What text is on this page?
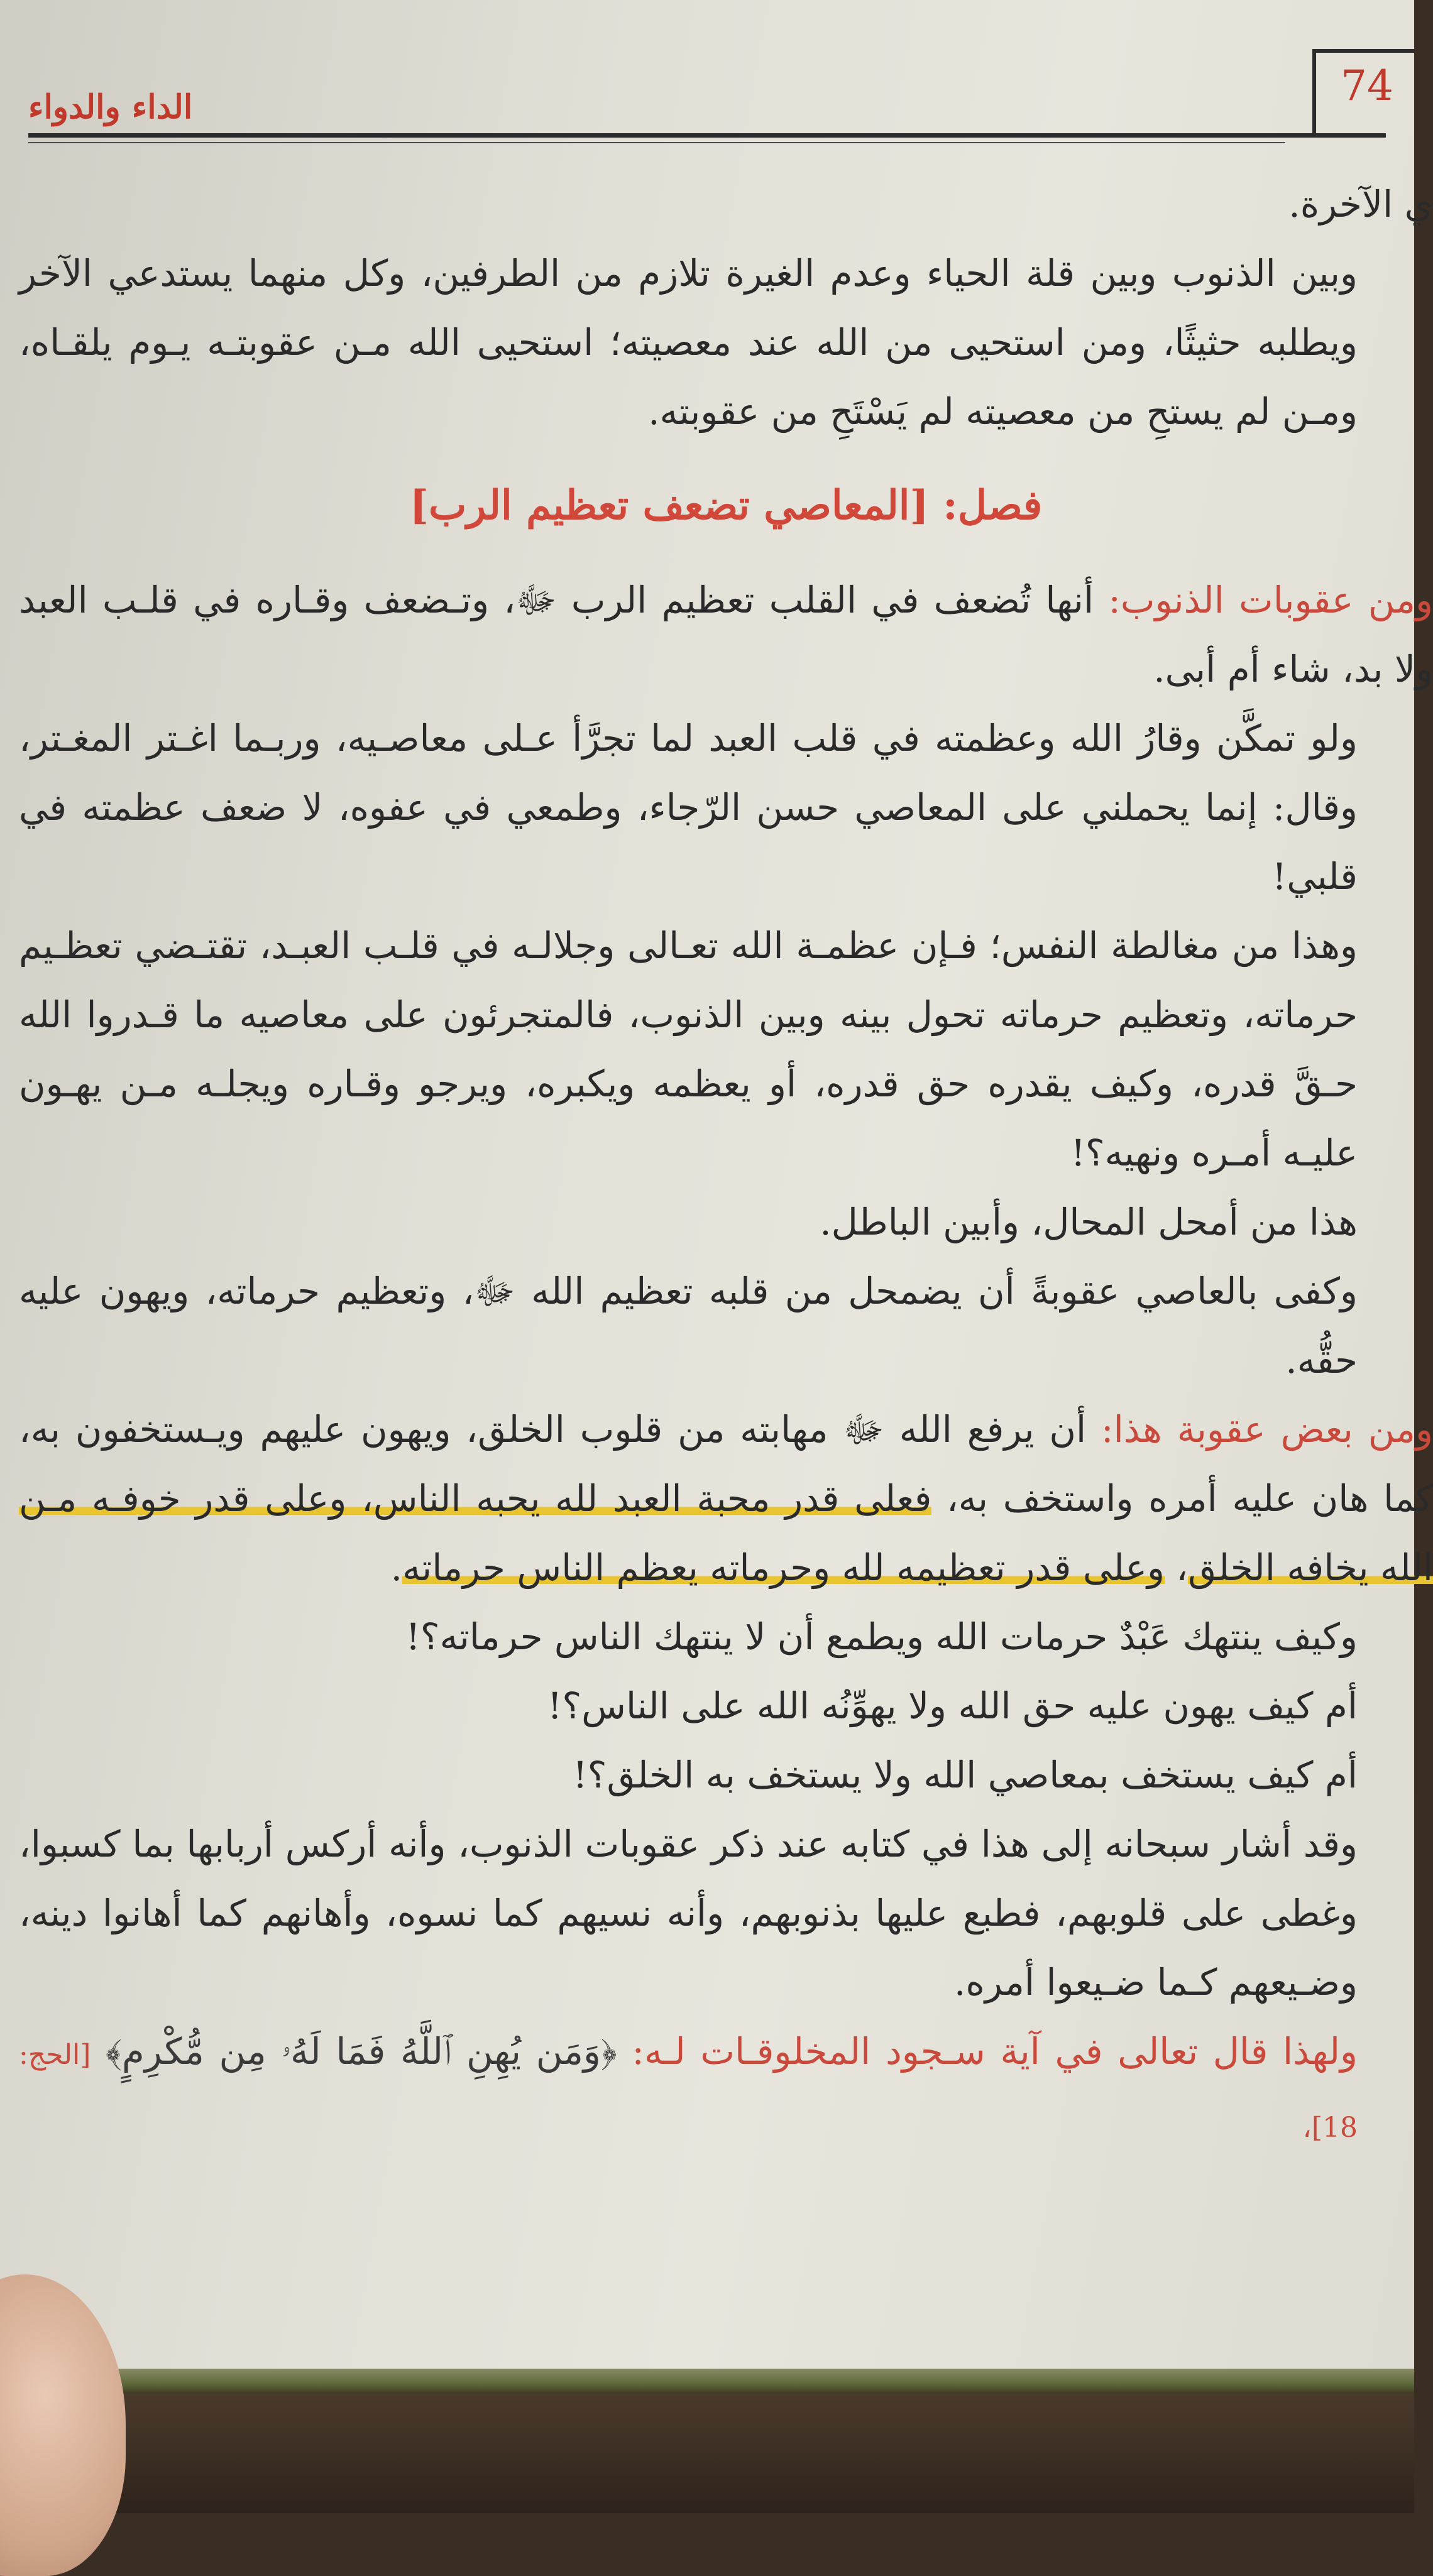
74
الداء والدواء

ي الآخرة.

وبين الذنوب وبين قلة الحياء وعدم الغيرة تلازم من الطرفين، وكل منهما يستدعي الآخر ويطلبه حثيثًا، ومن استحيى من الله عند معصيته؛ استحيى الله مـن عقوبتـه يـوم يلقـاه، ومـن لم يستحِ من معصيته لم يَسْتَحِ من عقوبته.

فصل: [المعاصي تضعف تعظيم الرب]

ومن عقوبات الذنوب: أنها تُضعف في القلب تعظيم الرب ﷻ، وتـضعف وقـاره في قلـب العبد ولا بد، شاء أم أبى.

ولو تمكَّن وقارُ الله وعظمته في قلب العبد لما تجرَّأ عـلى معاصـيه، وربـما اغـتر المغـتر، وقال: إنما يحملني على المعاصي حسن الرّجاء، وطمعي في عفوه، لا ضعف عظمته في قلبي!

وهذا من مغالطة النفس؛ فـإن عظمـة الله تعـالى وجلالـه في قلـب العبـد، تقتـضي تعظـيم حرماته، وتعظيم حرماته تحول بينه وبين الذنوب، فالمتجرئون على معاصيه ما قـدروا الله حـقَّ قدره، وكيف يقدره حق قدره، أو يعظمه ويكبره، ويرجو وقـاره ويجلـه مـن يهـون عليـه أمـره ونهيه؟!

هذا من أمحل المحال، وأبين الباطل.

وكفى بالعاصي عقوبةً أن يضمحل من قلبه تعظيم الله ﷻ، وتعظيم حرماته، ويهون عليه حقُّه.

ومن بعض عقوبة هذا: أن يرفع الله ﷻ مهابته من قلوب الخلق، ويهون عليهم ويـستخفون به، كما هان عليه أمره واستخف به، فعلى قدر محبة العبد لله يحبه الناس، وعلى قدر خوفـه مـن الله يخافه الخلق، وعلى قدر تعظيمه لله وحرماته يعظم الناس حرماته.

وكيف ينتهك عَبْدٌ حرمات الله ويطمع أن لا ينتهك الناس حرماته؟!

أم كيف يهون عليه حق الله ولا يهوِّنُه الله على الناس؟!

أم كيف يستخف بمعاصي الله ولا يستخف به الخلق؟!

وقد أشار سبحانه إلى هذا في كتابه عند ذكر عقوبات الذنوب، وأنه أركس أربابها بما كسبوا، وغطى على قلوبهم، فطبع عليها بذنوبهم، وأنه نسيهم كما نسوه، وأهانهم كما أهانوا دينه، وضـيعهم كـما ضـيعوا أمره.

ولهذا قال تعالى في آية سـجود المخلوقـات لـه: ﴿وَمَن يُهِنِ ٱللَّهُ فَمَا لَهُۥ مِن مُّكْرِمٍ﴾ [الحج: 18]،
